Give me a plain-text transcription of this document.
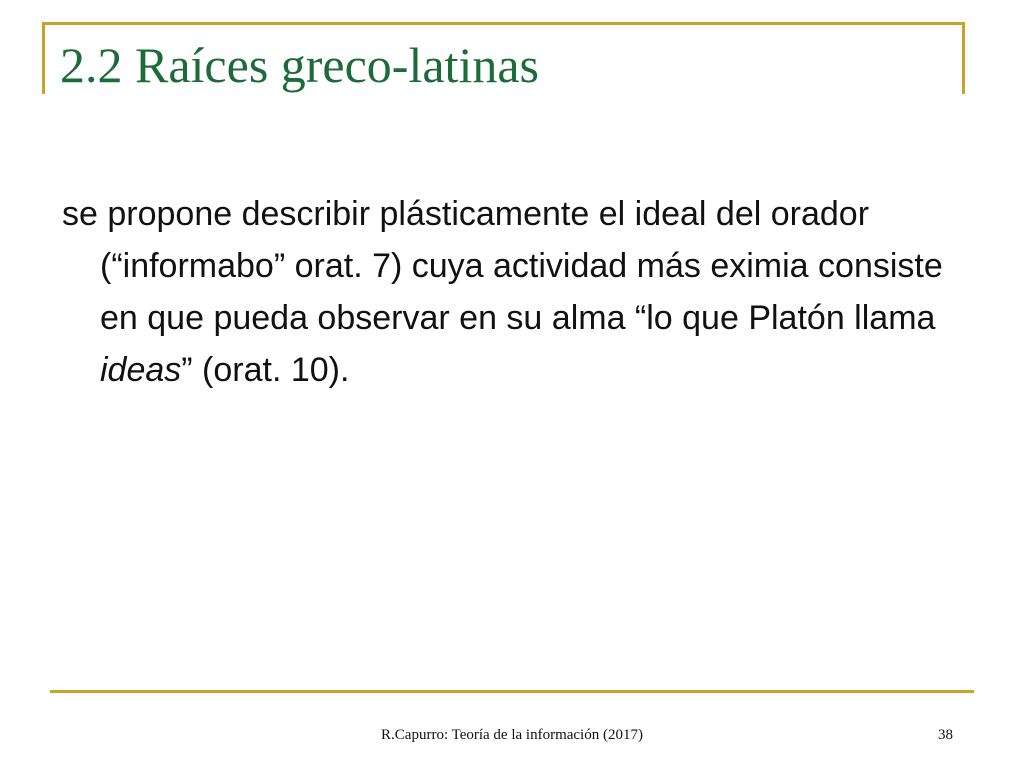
2.2 Raíces greco-latinas

se propone describir plásticamente el ideal del orador (“informabo” orat. 7) cuya actividad más eximia consiste en que pueda observar en su alma “lo que Platón llama ideas” (orat. 10).

R.Capurro: Teoría de la información (2017)	38
